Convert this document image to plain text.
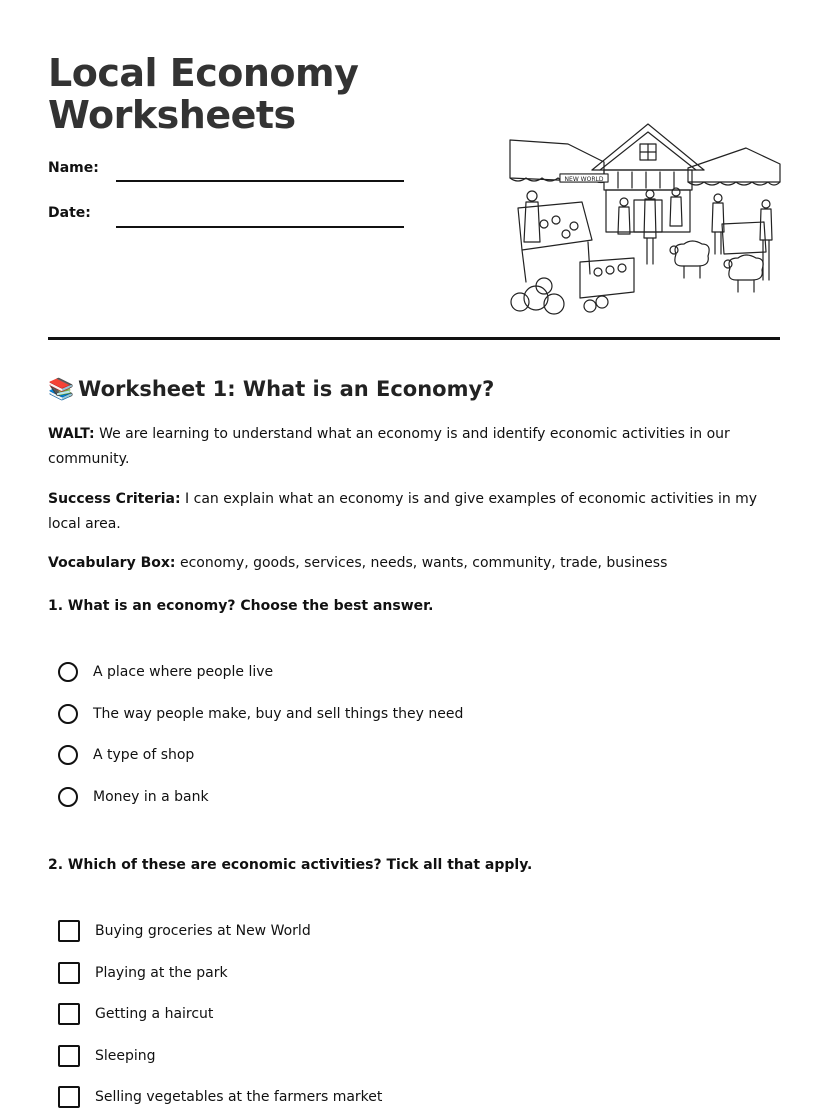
Local Economy
Worksheets
Name:
Date:
NEW WORLD
📚 Worksheet 1: What is an Economy?

WALT: We are learning to understand what an economy is and identify economic activities in our community.

Success Criteria: I can explain what an economy is and give examples of economic activities in my local area.

Vocabulary Box: economy, goods, services, needs, wants, community, trade, business

1. What is an economy? Choose the best answer.

A place where people live
The way people make, buy and sell things they need
A type of shop
Money in a bank

2. Which of these are economic activities? Tick all that apply.

Buying groceries at New World
Playing at the park
Getting a haircut
Sleeping
Selling vegetables at the farmers market
